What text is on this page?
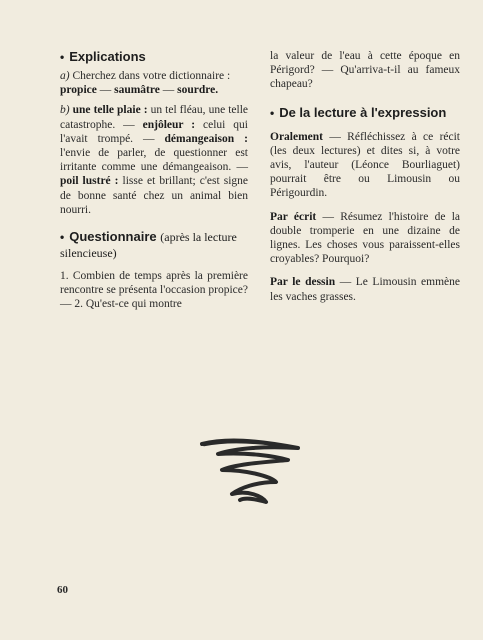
• Explications

a) Cherchez dans votre dictionnaire :
propice — saumâtre — sourdre.

b) une telle plaie : un tel fléau, une telle catastrophe. — enjôleur : celui qui l'avait trompé. — démangeaison : l'envie de parler, de questionner est irritante comme une démangeaison. — poil lustré : lisse et brillant; c'est signe de bonne santé chez un animal bien nourri.

• Questionnaire (après la lecture silencieuse)

1. Combien de temps après la première rencontre se présenta l'occasion propice? — 2. Qu'est-ce qui montre

la valeur de l'eau à cette époque en Périgord? — Qu'arriva-t-il au fameux chapeau?

• De la lecture à l'expression

Oralement — Réfléchissez à ce récit (les deux lectures) et dites si, à votre avis, l'auteur (Léonce Bourliaguet) pourrait être ou Limousin ou Périgourdin.

Par écrit — Résumez l'histoire de la double tromperie en une dizaine de lignes. Les choses vous paraissent-elles croyables? Pourquoi?

Par le dessin — Le Limousin emmène les vaches grasses.

60
